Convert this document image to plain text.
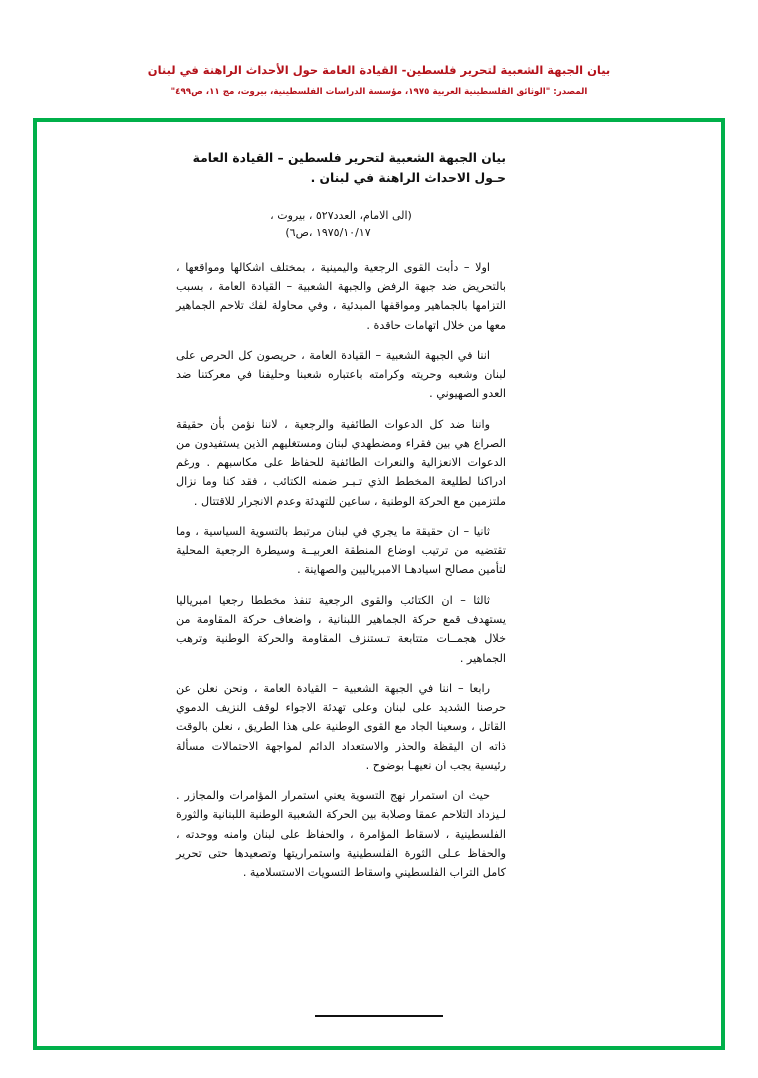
بيان الجبهة الشعبية لتحرير فلسطين- القيادة العامة حول الأحداث الراهنة في لبنان
المصدر: "الوثائق الفلسطينية العربية ١٩٧٥، مؤسسة الدراسات الفلسطينية، بيروت، مج ١١، ص٤٩٩"
بيان الجبهة الشعبية لتحرير فلسطين – القيادة العامة حـول الاحداث الراهنة في لبنان .
(الى الامام، العدد٥٢٧ ، بيروت ،
١٩٧٥/١٠/١٧ ،ص٦)

اولا – دأبت القوى الرجعية واليمينية ، بمختلف اشكالها ومواقعها ، بالتحريض ضد جبهة الرفض والجبهة الشعبية – القيادة العامة ، بسبب التزامها بالجماهير ومواقفها المبدئية ، وفي محاولة لفك تلاحم الجماهير معها من خلال اتهامات حاقدة .

اننا في الجبهة الشعبية – القيادة العامة ، حريصون كل الحرص على لبنان وشعبه وحريته وكرامته باعتباره شعبنا وحليفنا في معركتنا ضد العدو الصهيوني .

واننا ضد كل الدعوات الطائفية والرجعية ، لاننا نؤمن بأن حقيقة الصراع هي بين فقراء ومضطهدي لبنان ومستغليهم الذين يستفيدون من الدعوات الانعزالية والنعرات الطائفية للحفاظ على مكاسبهم . ورغم ادراكنا لطليعة المخطط الذي تـبـر ضمنه الكتائب ، فقد كنا وما نزال ملتزمين مع الحركة الوطنية ، ساعين للتهدئة وعدم الانجرار للاقتتال .

ثانيا – ان حقيقة ما يجري في لبنان مرتبط بالتسوية السياسية ، وما تقتضيه من ترتيب اوضاع المنطقة العربيــة وسيطرة الرجعية المحلية لتأمين مصالح اسيادهـا الامبرياليين والصهاينة .

ثالثا – ان الكتائب والقوى الرجعية تنفذ مخططا رجعيا امبرياليا يستهدف قمع حركة الجماهير اللبنانية ، واضعاف حركة المقاومة من خلال هجمــات متتابعة تـستنزف المقاومة والحركة الوطنية وترهب الجماهير .

رابعا – اننا في الجبهة الشعبية – القيادة العامة ، ونحن نعلن عن حرصنا الشديد على لبنان وعلى تهدئة الاجواء لوقف النزيف الدموي القاتل ، وسعينا الجاد مع القوى الوطنية على هذا الطريق ، نعلن بالوقت ذاته ان اليقظة والحذر والاستعداد الدائم لمواجهة الاحتمالات مسألة رئيسية يجب ان نعيهـا بوضوح .

حيث ان استمرار نهج التسوية يعني استمرار المؤامرات والمجازر . لـيزداد التلاحم عمقا وصلابة بين الحركة الشعبية الوطنية اللبنانية والثورة الفلسطينية ، لاسقاط المؤامرة ، والحفاظ على لبنان وامنه ووحدته ، والحفاظ عـلى الثورة الفلسطينية واستمراريتها وتصعيدها حتى تحرير كامل التراب الفلسطيني واسقاط التسويات الاستسلامية .
